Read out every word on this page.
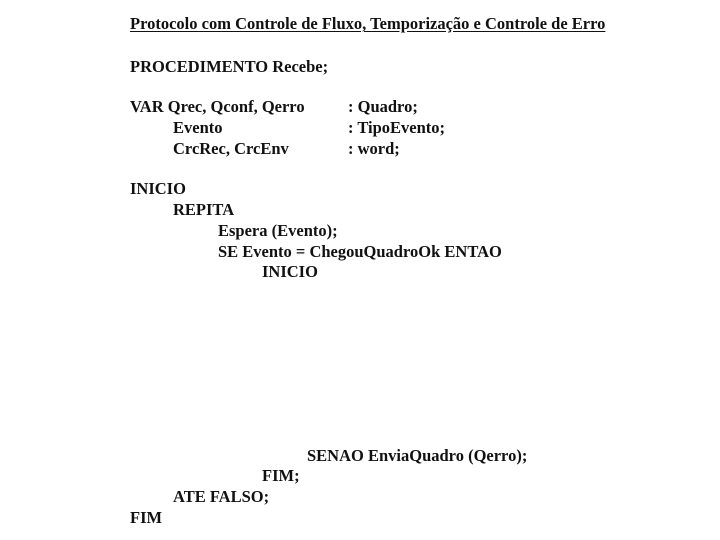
Protocolo com Controle de Fluxo, Temporização e Controle de Erro
PROCEDIMENTO Recebe;
VAR Qrec, Qconf, Qerro	: Quadro;
Evento	: TipoEvento;
CrcRec, CrcEnv	: word;
INICIO
REPITA
Espera (Evento);
SE Evento = ChegouQuadroOk ENTAO
INICIO
SENAO EnviaQuadro (Qerro);
FIM;
ATE FALSO;
FIM
